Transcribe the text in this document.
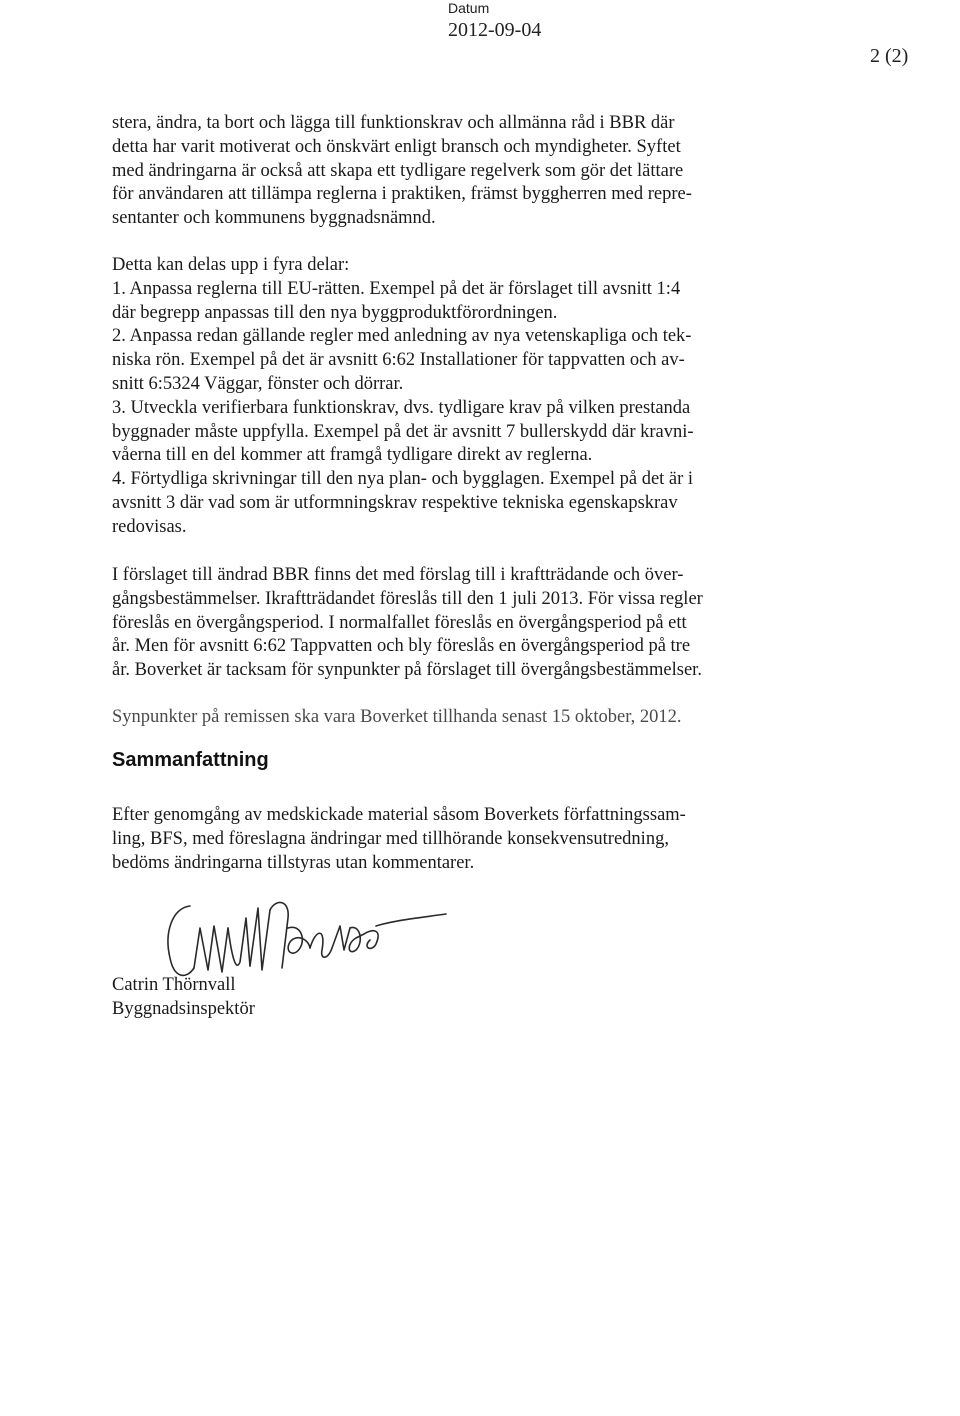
Datum
2012-09-04
2 (2)
stera, ändra, ta bort och lägga till funktionskrav och allmänna råd i BBR där
detta har varit motiverat och önskvärt enligt bransch och myndigheter. Syftet
med ändringarna är också att skapa ett tydligare regelverk som gör det lättare
för användaren att tillämpa reglerna i praktiken, främst byggherren med repre-
sentanter och kommunens byggnadsnämnd.
Detta kan delas upp i fyra delar:
1. Anpassa reglerna till EU-rätten. Exempel på det är förslaget till avsnitt 1:4
där begrepp anpassas till den nya byggproduktförordningen.
2. Anpassa redan gällande regler med anledning av nya vetenskapliga och tek-
niska rön. Exempel på det är avsnitt 6:62 Installationer för tappvatten och av-
snitt 6:5324 Väggar, fönster och dörrar.
3. Utveckla verifierbara funktionskrav, dvs. tydligare krav på vilken prestanda
byggnader måste uppfylla. Exempel på det är avsnitt 7 bullerskydd där kravni-
våerna till en del kommer att framgå tydligare direkt av reglerna.
4. Förtydliga skrivningar till den nya plan- och bygglagen. Exempel på det är i
avsnitt 3 där vad som är utformningskrav respektive tekniska egenskapskrav
redovisas.
I förslaget till ändrad BBR finns det med förslag till i kraftträdande och över-
gångsbestämmelser. Ikraftträdandet föreslås till den 1 juli 2013. För vissa regler
föreslås en övergångsperiod. I normalfallet föreslås en övergångsperiod på ett
år. Men för avsnitt 6:62 Tappvatten och bly föreslås en övergångsperiod på tre
år. Boverket är tacksam för synpunkter på förslaget till övergångsbestämmelser.
Synpunkter på remissen ska vara Boverket tillhanda senast 15 oktober, 2012.
Sammanfattning
Efter genomgång av medskickade material såsom Boverkets författningssam-
ling, BFS, med föreslagna ändringar med tillhörande konsekvensutredning,
bedöms ändringarna tillstyras utan kommentarer.
Catrin Thörnvall
Byggnadsinspektör
